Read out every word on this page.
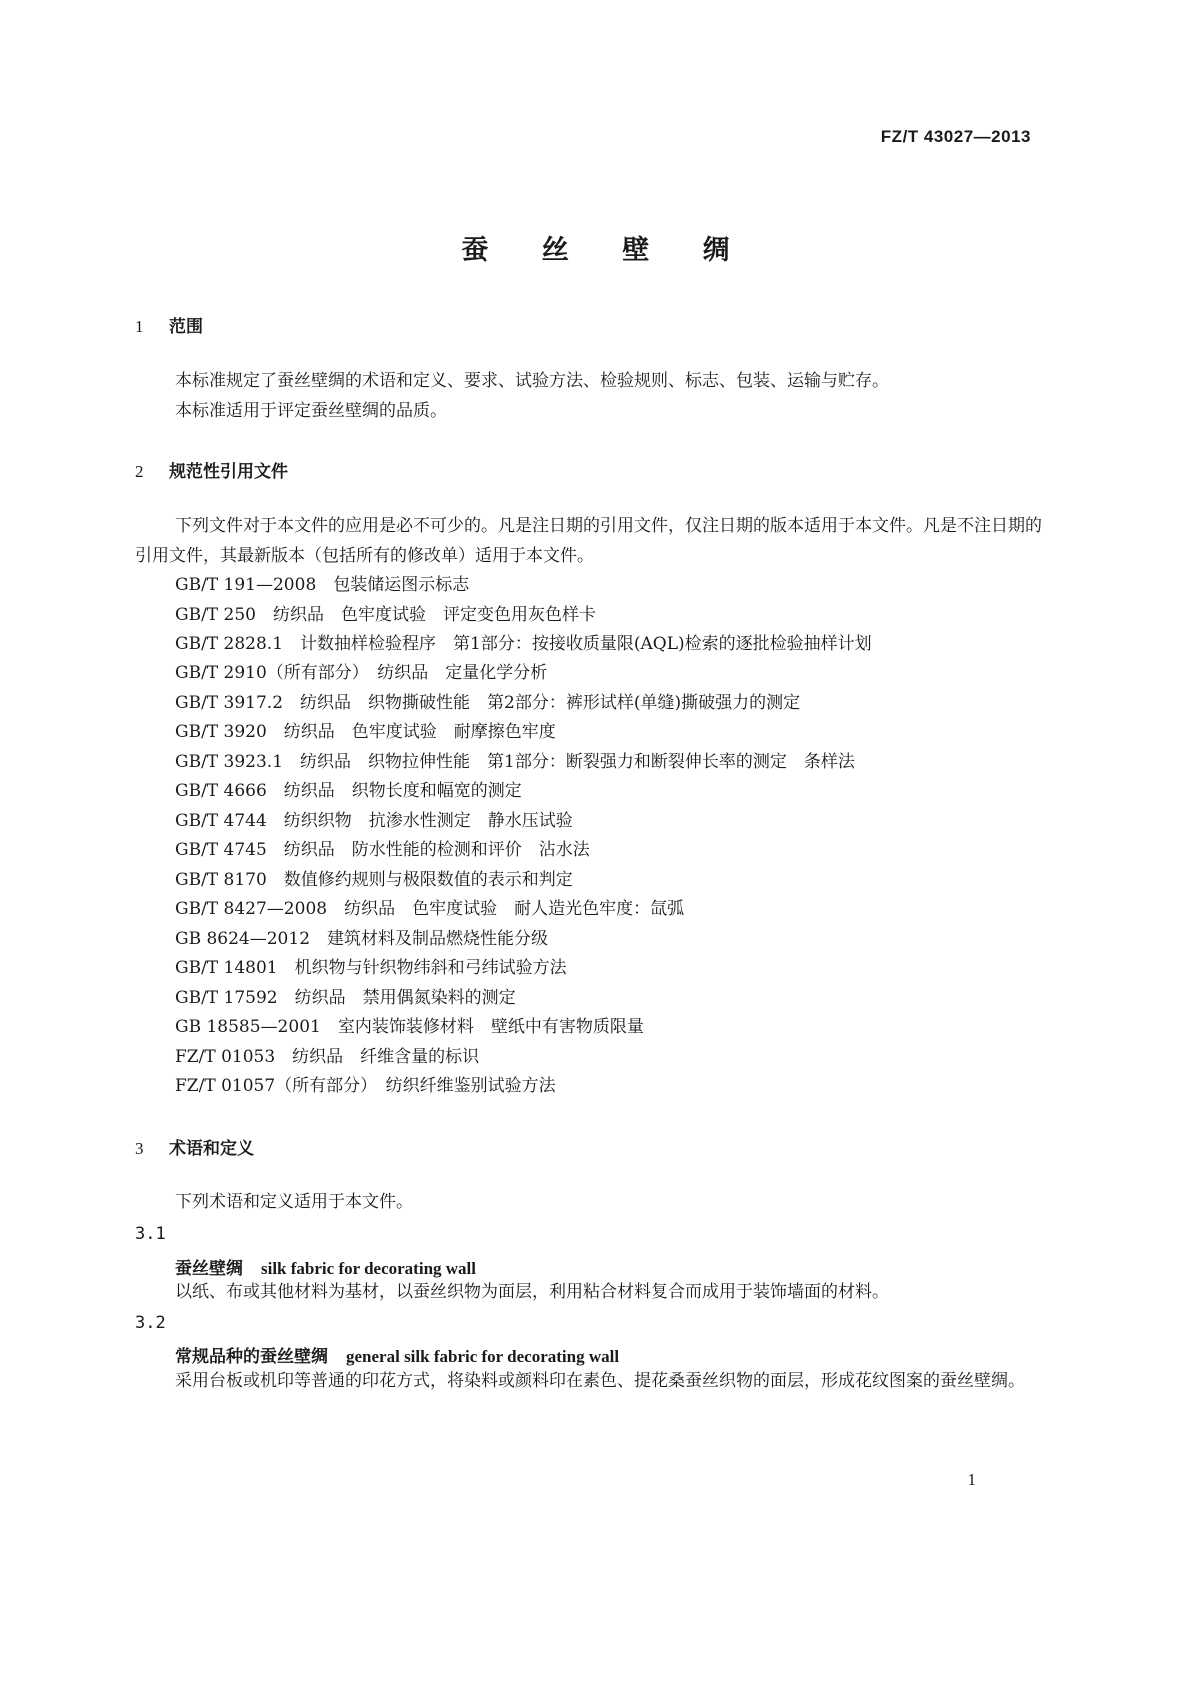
FZ/T 43027—2013
蚕 丝 壁 绸
1 范围
本标准规定了蚕丝壁绸的术语和定义、要求、试验方法、检验规则、标志、包装、运输与贮存。
本标准适用于评定蚕丝壁绸的品质。
2 规范性引用文件
下列文件对于本文件的应用是必不可少的。凡是注日期的引用文件，仅注日期的版本适用于本文件。凡是不注日期的引用文件，其最新版本（包括所有的修改单）适用于本文件。
GB/T 191—2008　包装储运图示标志
GB/T 250　纺织品　色牢度试验　评定变色用灰色样卡
GB/T 2828.1　计数抽样检验程序　第1部分：按接收质量限(AQL)检索的逐批检验抽样计划
GB/T 2910（所有部分）　纺织品　定量化学分析
GB/T 3917.2　纺织品　织物撕破性能　第2部分：裤形试样(单缝)撕破强力的测定
GB/T 3920　纺织品　色牢度试验　耐摩擦色牢度
GB/T 3923.1　纺织品　织物拉伸性能　第1部分：断裂强力和断裂伸长率的测定　条样法
GB/T 4666　纺织品　织物长度和幅宽的测定
GB/T 4744　纺织织物　抗渗水性测定　静水压试验
GB/T 4745　纺织品　防水性能的检测和评价　沾水法
GB/T 8170　数值修约规则与极限数值的表示和判定
GB/T 8427—2008　纺织品　色牢度试验　耐人造光色牢度：氙弧
GB 8624—2012　建筑材料及制品燃烧性能分级
GB/T 14801　机织物与针织物纬斜和弓纬试验方法
GB/T 17592　纺织品　禁用偶氮染料的测定
GB 18585—2001　室内装饰装修材料　壁纸中有害物质限量
FZ/T 01053　纺织品　纤维含量的标识
FZ/T 01057（所有部分）　纺织纤维鉴别试验方法
3 术语和定义
下列术语和定义适用于本文件。
3.1
蚕丝壁绸 silk fabric for decorating wall
以纸、布或其他材料为基材，以蚕丝织物为面层，利用粘合材料复合而成用于装饰墙面的材料。
3.2
常规品种的蚕丝壁绸 general silk fabric for decorating wall
采用台板或机印等普通的印花方式，将染料或颜料印在素色、提花桑蚕丝织物的面层，形成花纹图案的蚕丝壁绸。
1
